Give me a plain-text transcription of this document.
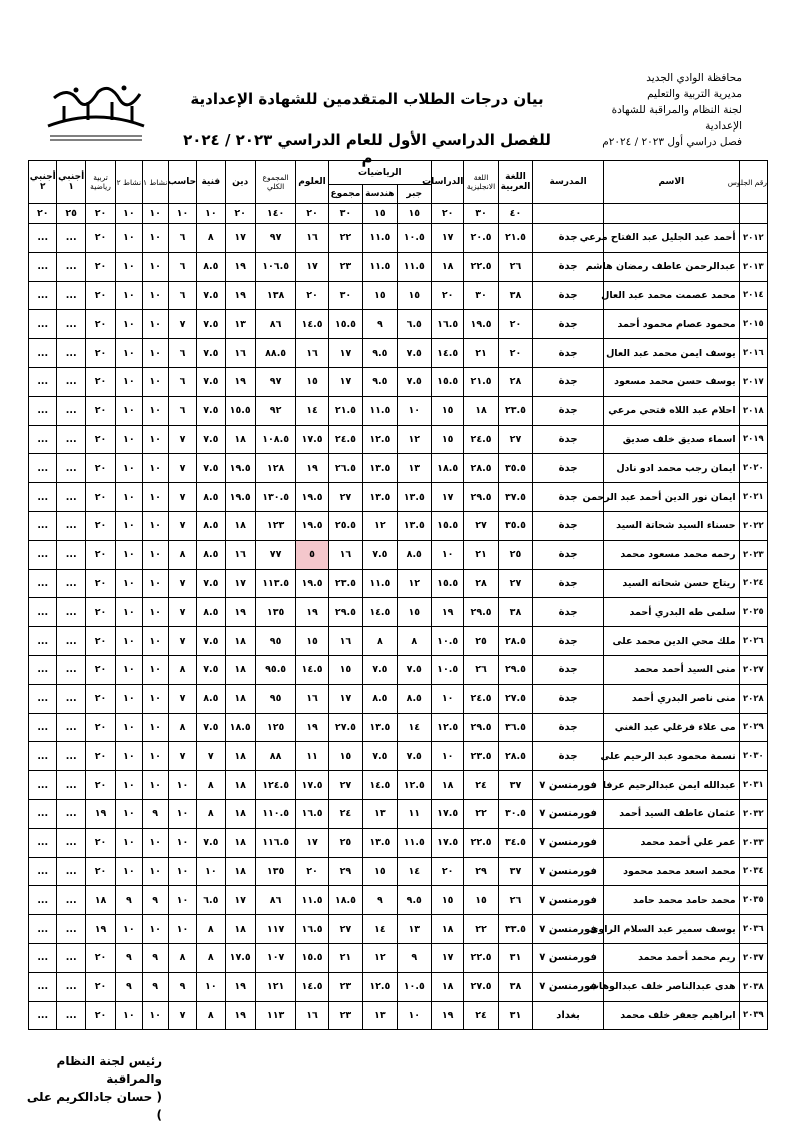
محافظة الوادي الجديد
مديرية التربية والتعليم
لجنة النظام والمراقبة للشهادة الإعدادية
فصل دراسي أول ٢٠٢٣ / ٢٠٢٤م
بيان درجات الطلاب المتقدمين للشهادة الإعدادية
للفصل الدراسي الأول للعام الدراسي ٢٠٢٣ / ٢٠٢٤ م
رقم الجلوس	الاسم	المدرسة	اللغة العربية	اللغة الانجليزية	الدراسات	الرياضيات			العلوم	المجموع الكلي	دين	فنية	حاسب	نشاط ١	نشاط ٢	تربية رياضية	أجنبي ١	أجنبي ٢
						جبر	هندسة	مجموع										
			٤٠	٣٠	٢٠	١٥	١٥	٣٠	٢٠	١٤٠	٢٠	١٠	١٠	١٠	١٠	٢٠	٢٥	٢٠
٢٠١٢	أحمد عبد الجليل عبد الفتاح مرعي	جدة	٢١.٥	٢٠.٥	١٧	١٠.٥	١١.٥	٢٢	١٦	٩٧	١٧	٨	٦	١٠	١٠	٢٠	...	...
٢٠١٣	عبدالرحمن عاطف رمضان هاشم	جدة	٢٦	٢٢.٥	١٨	١١.٥	١١.٥	٢٣	١٧	١٠٦.٥	١٩	٨.٥	٦	١٠	١٠	٢٠	...	...
٢٠١٤	محمد عصمت محمد عبد العال	جدة	٣٨	٣٠	٢٠	١٥	١٥	٣٠	٢٠	١٣٨	١٩	٧.٥	٦	١٠	١٠	٢٠	...	...
٢٠١٥	محمود عصام محمود أحمد	جدة	٢٠	١٩.٥	١٦.٥	٦.٥	٩	١٥.٥	١٤.٥	٨٦	١٣	٧.٥	٧	١٠	١٠	٢٠	...	...
٢٠١٦	يوسف ايمن محمد عبد العال	جدة	٢٠	٢١	١٤.٥	٧.٥	٩.٥	١٧	١٦	٨٨.٥	١٦	٧.٥	٦	١٠	١٠	٢٠	...	...
٢٠١٧	يوسف حسن محمد مسعود	جدة	٢٨	٢١.٥	١٥.٥	٧.٥	٩.٥	١٧	١٥	٩٧	١٩	٧.٥	٦	١٠	١٠	٢٠	...	...
٢٠١٨	احلام عبد اللاه فتحي مرعي	جدة	٢٣.٥	١٨	١٥	١٠	١١.٥	٢١.٥	١٤	٩٢	١٥.٥	٧.٥	٦	١٠	١٠	٢٠	...	...
٢٠١٩	اسماء صديق خلف صديق	جدة	٢٧	٢٤.٥	١٥	١٢	١٢.٥	٢٤.٥	١٧.٥	١٠٨.٥	١٨	٧.٥	٧	١٠	١٠	٢٠	...	...
٢٠٢٠	ايمان رجب محمد ادو نادل	جدة	٣٥.٥	٢٨.٥	١٨.٥	١٣	١٣.٥	٢٦.٥	١٩	١٢٨	١٩.٥	٧.٥	٧	١٠	١٠	٢٠	...	...
٢٠٢١	ايمان نور الدين أحمد عبد الرحمن	جدة	٣٧.٥	٢٩.٥	١٧	١٣.٥	١٣.٥	٢٧	١٩.٥	١٣٠.٥	١٩.٥	٨.٥	٧	١٠	١٠	٢٠	...	...
٢٠٢٢	حسناء السيد شحاتة السيد	جدة	٣٥.٥	٢٧	١٥.٥	١٣.٥	١٢	٢٥.٥	١٩.٥	١٢٣	١٨	٨.٥	٧	١٠	١٠	٢٠	...	...
٢٠٢٣	رحمه محمد مسعود محمد	جدة	٢٥	٢١	١٠	٨.٥	٧.٥	١٦	٥	٧٧	١٦	٨.٥	٨	١٠	١٠	٢٠	...	...
٢٠٢٤	ريتاج حسن شحاته السيد	جدة	٢٧	٢٨	١٥.٥	١٢	١١.٥	٢٣.٥	١٩.٥	١١٣.٥	١٧	٧.٥	٧	١٠	١٠	٢٠	...	...
٢٠٢٥	سلمى طه البدري أحمد	جدة	٣٨	٢٩.٥	١٩	١٥	١٤.٥	٢٩.٥	١٩	١٣٥	١٩	٨.٥	٧	١٠	١٠	٢٠	...	...
٢٠٢٦	ملك محي الدين محمد على	جدة	٢٨.٥	٢٥	١٠.٥	٨	٨	١٦	١٥	٩٥	١٨	٧.٥	٧	١٠	١٠	٢٠	...	...
٢٠٢٧	منى السيد أحمد محمد	جدة	٢٩.٥	٢٦	١٠.٥	٧.٥	٧.٥	١٥	١٤.٥	٩٥.٥	١٨	٧.٥	٨	١٠	١٠	٢٠	...	...
٢٠٢٨	منى ناصر البدري أحمد	جدة	٢٧.٥	٢٤.٥	١٠	٨.٥	٨.٥	١٧	١٦	٩٥	١٨	٨.٥	٧	١٠	١٠	٢٠	...	...
٢٠٢٩	مى علاء فرغلي عبد الغني	جدة	٣٦.٥	٢٩.٥	١٢.٥	١٤	١٣.٥	٢٧.٥	١٩	١٢٥	١٨.٥	٧.٥	٨	١٠	١٠	٢٠	...	...
٢٠٣٠	نسمة محمود عبد الرحيم على	جدة	٢٨.٥	٢٣.٥	١٠	٧.٥	٧.٥	١٥	١١	٨٨	١٨	٧	٧	١٠	١٠	٢٠	...	...
٢٠٣١	عبدالله ايمن عبدالرحيم عرفا	فورمنسن ٧	٣٧	٢٤	١٨	١٢.٥	١٤.٥	٢٧	١٧.٥	١٢٤.٥	١٨	٨	١٠	١٠	١٠	٢٠	...	...
٢٠٣٢	عثمان عاطف السيد أحمد	فورمنسن ٧	٣٠.٥	٢٢	١٧.٥	١١	١٣	٢٤	١٦.٥	١١٠.٥	١٨	٨	١٠	٩	١٠	١٩	...	...
٢٠٣٣	عمر علي أحمد محمد	فورمنسن ٧	٣٤.٥	٢٢.٥	١٧.٥	١١.٥	١٣.٥	٢٥	١٧	١١٦.٥	١٨	٧.٥	١٠	١٠	١٠	٢٠	...	...
٢٠٣٤	محمد اسعد محمد محمود	فورمنسن ٧	٣٧	٢٩	٢٠	١٤	١٥	٢٩	٢٠	١٣٥	١٨	١٠	١٠	١٠	١٠	٢٠	...	...
٢٠٣٥	محمد حامد محمد حامد	فورمنسن ٧	٢٦	١٥	١٥	٩.٥	٩	١٨.٥	١١.٥	٨٦	١٧	٦.٥	١٠	٩	٩	١٨	...	...
٢٠٣٦	يوسف سمير عبد السلام الراوى	فورمنسن ٧	٣٣.٥	٢٢	١٨	١٣	١٤	٢٧	١٦.٥	١١٧	١٨	٨	١٠	١٠	١٠	١٩	...	...
٢٠٣٧	ريم محمد أحمد محمد	فورمنسن ٧	٣١	٢٢.٥	١٧	٩	١٢	٢١	١٥.٥	١٠٧	١٧.٥	٨	٨	٩	٩	٢٠	...	...
٢٠٣٨	هدى عبدالناصر خلف عبدالوهاب	فورمنسن ٧	٣٨	٢٧.٥	١٨	١٠.٥	١٢.٥	٢٣	١٤.٥	١٢١	١٩	١٠	٩	٩	٩	٢٠	...	...
٢٠٣٩	ابراهيم جعفر خلف محمد	بغداد	٣١	٢٤	١٩	١٠	١٣	٢٣	١٦	١١٣	١٩	٨	٧	١٠	١٠	٢٠	...	...
رئيس لجنة النظام والمراقبة
( حسان جادالكريم على )
